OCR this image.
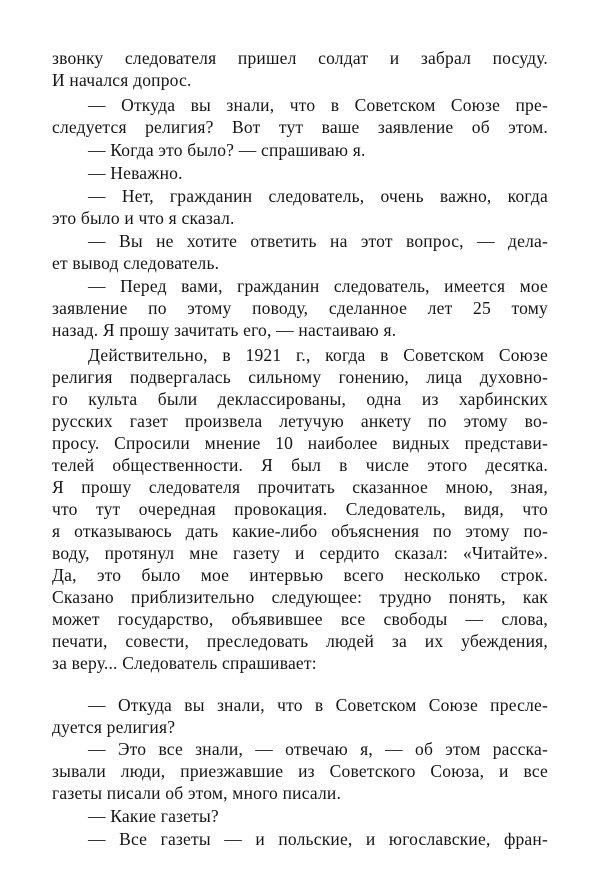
звонку следователя пришел солдат и забрал посуду.
И начался допрос.
— Откуда вы знали, что в Советском Союзе пре-
следуется религия? Вот тут ваше заявление об этом.
— Когда это было? — спрашиваю я.
— Неважно.
— Нет, гражданин следователь, очень важно, когда
это было и что я сказал.
— Вы не хотите ответить на этот вопрос, — дела-
ет вывод следователь.
— Перед вами, гражданин следователь, имеется мое
заявление по этому поводу, сделанное лет 25 тому
назад. Я прошу зачитать его, — настаиваю я.
Действительно, в 1921 г., когда в Советском Союзе
религия подвергалась сильному гонению, лица духовно-
го культа были деклассированы, одна из харбинских
русских газет произвела летучую анкету по этому во-
просу. Спросили мнение 10 наиболее видных представи-
телей общественности. Я был в числе этого десятка.
Я прошу следователя прочитать сказанное мною, зная,
что тут очередная провокация. Следователь, видя, что
я отказываюсь дать какие-либо объяснения по этому по-
воду, протянул мне газету и сердито сказал: «Читайте».
Да, это было мое интервью всего несколько строк.
Сказано приблизительно следующее: трудно понять, как
может государство, объявившее все свободы — слова,
печати, совести, преследовать людей за их убеждения,
за веру... Следователь спрашивает:
— Откуда вы знали, что в Советском Союзе пресле-
дуется религия?
— Это все знали, — отвечаю я, — об этом расска-
зывали люди, приезжавшие из Советского Союза, и все
газеты писали об этом, много писали.
— Какие газеты?
— Все газеты — и польские, и югославские, фран-
